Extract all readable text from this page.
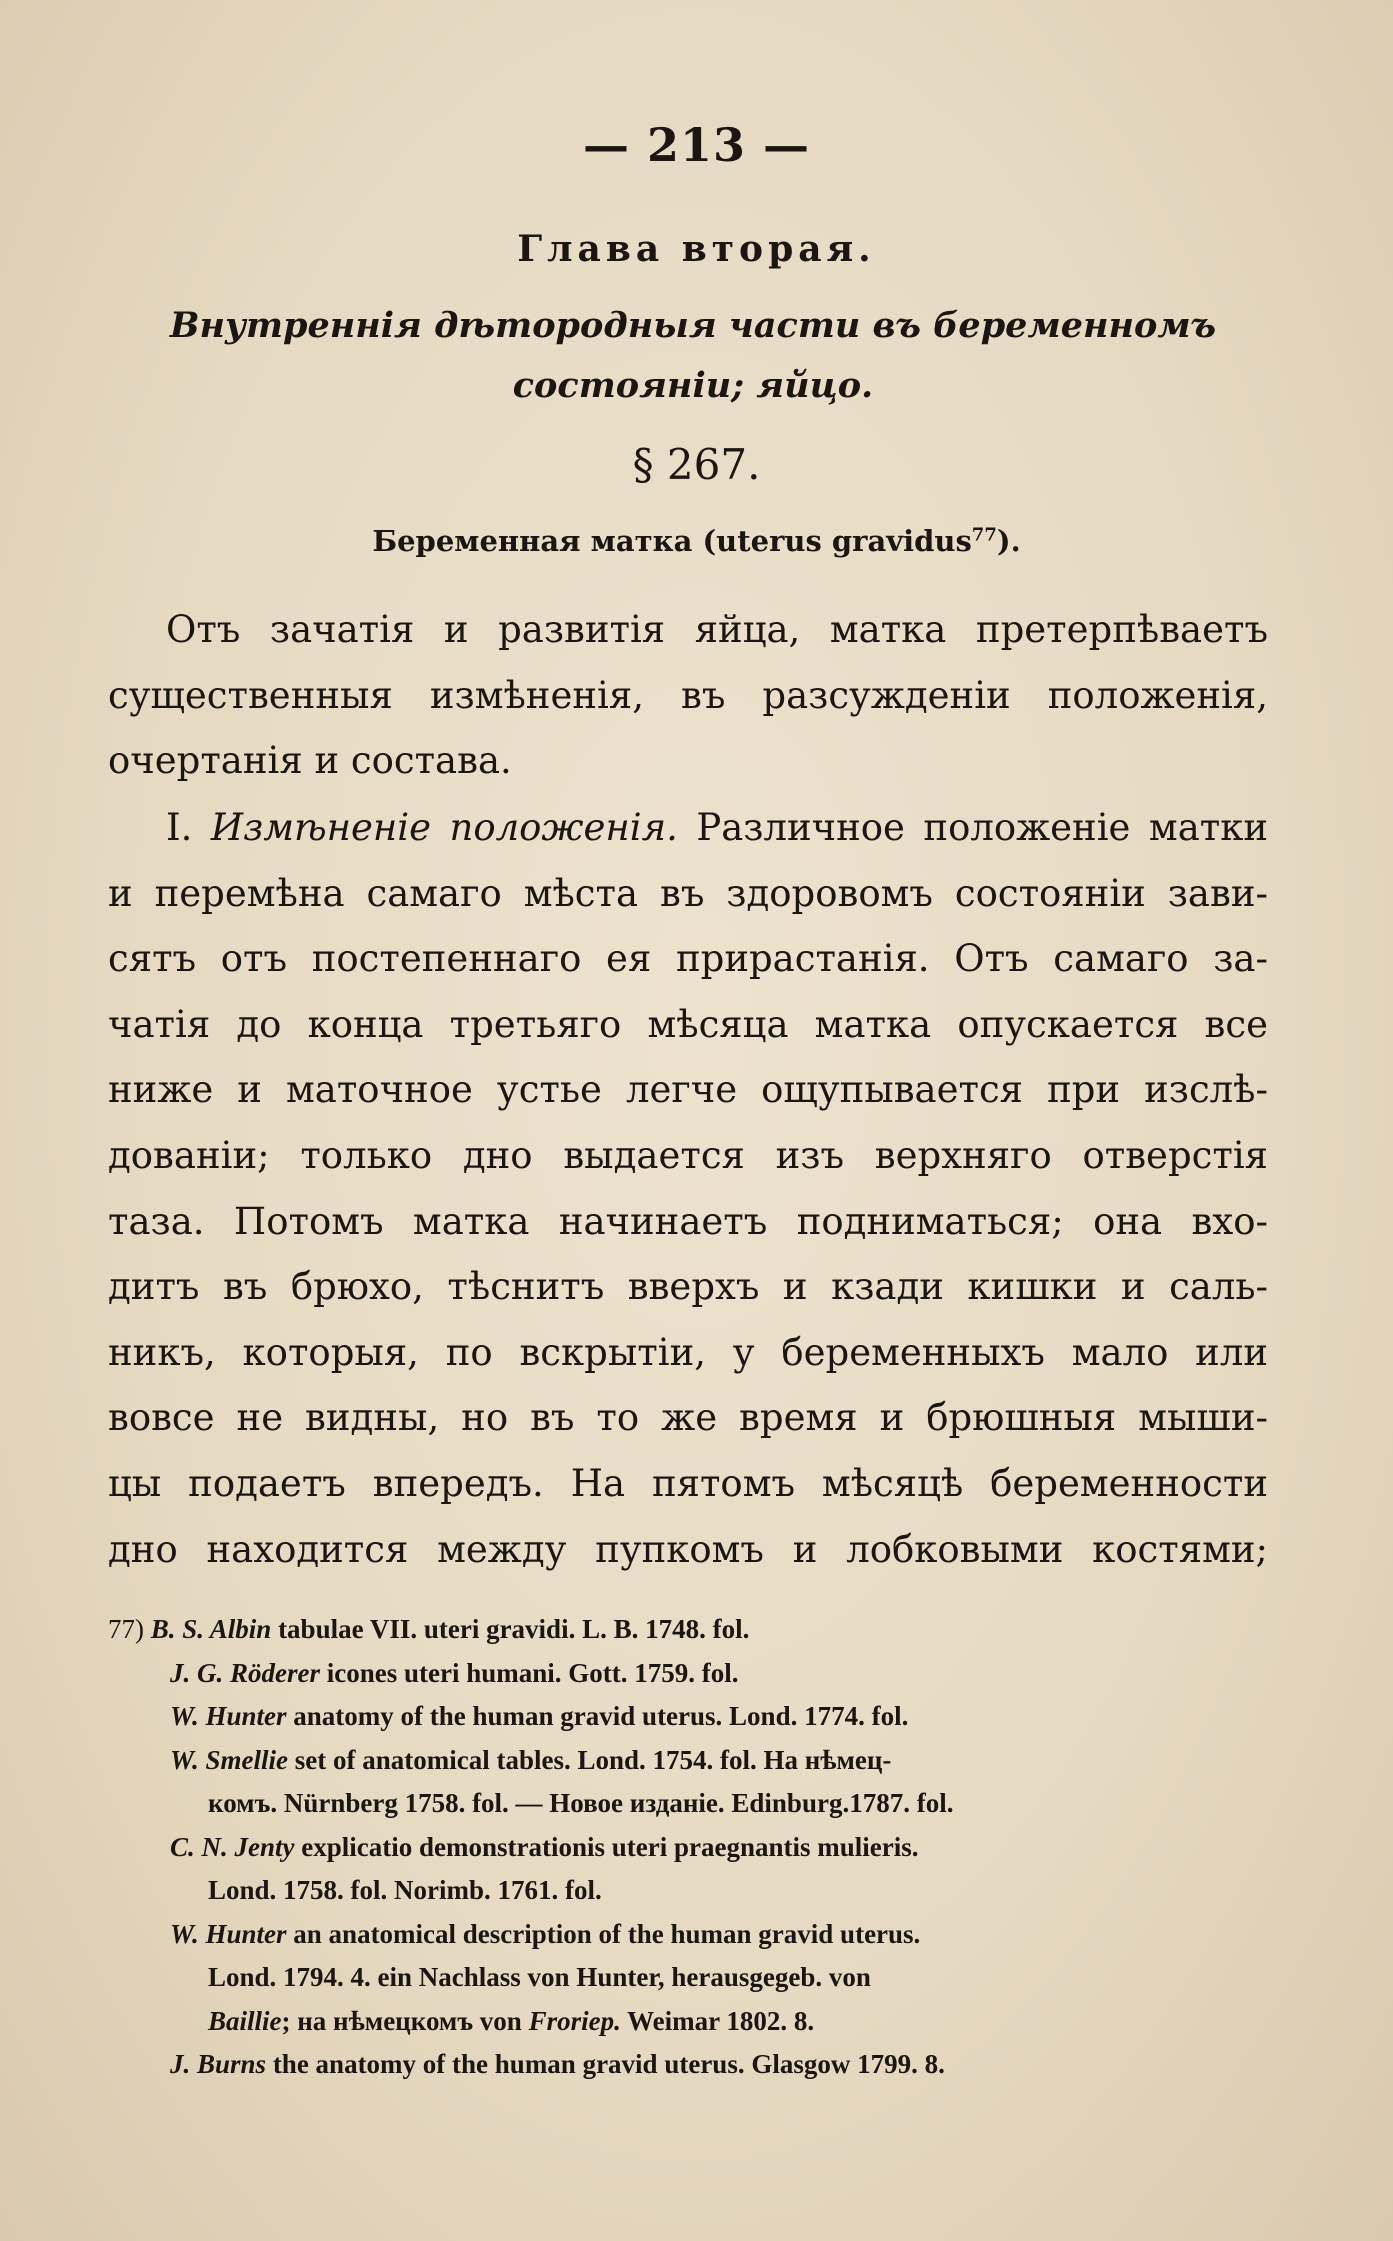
— 213 —
Глава вторая.
Внутреннія дѣтородныя части въ беременномъ состояніи; яйцо.
§ 267.
Беременная матка (uterus gravidus$^{77}$).
Отъ зачатія и развитія яйца, матка претерпѣваетъ
существенныя измѣненія, въ разсужденіи положенія,
очертанія и состава.
I. Измѣненіе положенія. Различное положеніе матки
и перемѣна самаго мѣста въ здоровомъ состояніи зави-
сятъ отъ постепеннаго ея прирастанія. Отъ самаго за-
чатія до конца третьяго мѣсяца матка опускается все
ниже и маточное устье легче ощупывается при изслѣ-
дованіи; только дно выдается изъ верхняго отверстія
таза. Потомъ матка начинаетъ подниматься; она вхо-
дитъ въ брюхо, тѣснитъ вверхъ и кзади кишки и саль-
никъ, которыя, по вскрытіи, у беременныхъ мало или
вовсе не видны, но въ то же время и брюшныя мыши-
цы подаетъ впередъ. На пятомъ мѣсяцѣ беременности
дно находится между пупкомъ и лобковыми костями;
77) B. S. Albin tabulae VII. uteri gravidi. L. B. 1748. fol.
J. G. Röderer icones uteri humani. Gott. 1759. fol.
W. Hunter anatomy of the human gravid uterus. Lond. 1774. fol.
W. Smellie set of anatomical tables. Lond. 1754. fol. На нѣмец-
комъ. Nürnberg 1758. fol. — Новое изданіе. Edinburg.1787. fol.
C. N. Jenty explicatio demonstrationis uteri praegnantis mulieris.
Lond. 1758. fol. Norimb. 1761. fol.
W. Hunter an anatomical description of the human gravid uterus.
Lond. 1794. 4. ein Nachlass von Hunter, herausgegeb. von
Baillie; на нѣмецкомъ von Froriep. Weimar 1802. 8.
J. Burns the anatomy of the human gravid uterus. Glasgow 1799. 8.
